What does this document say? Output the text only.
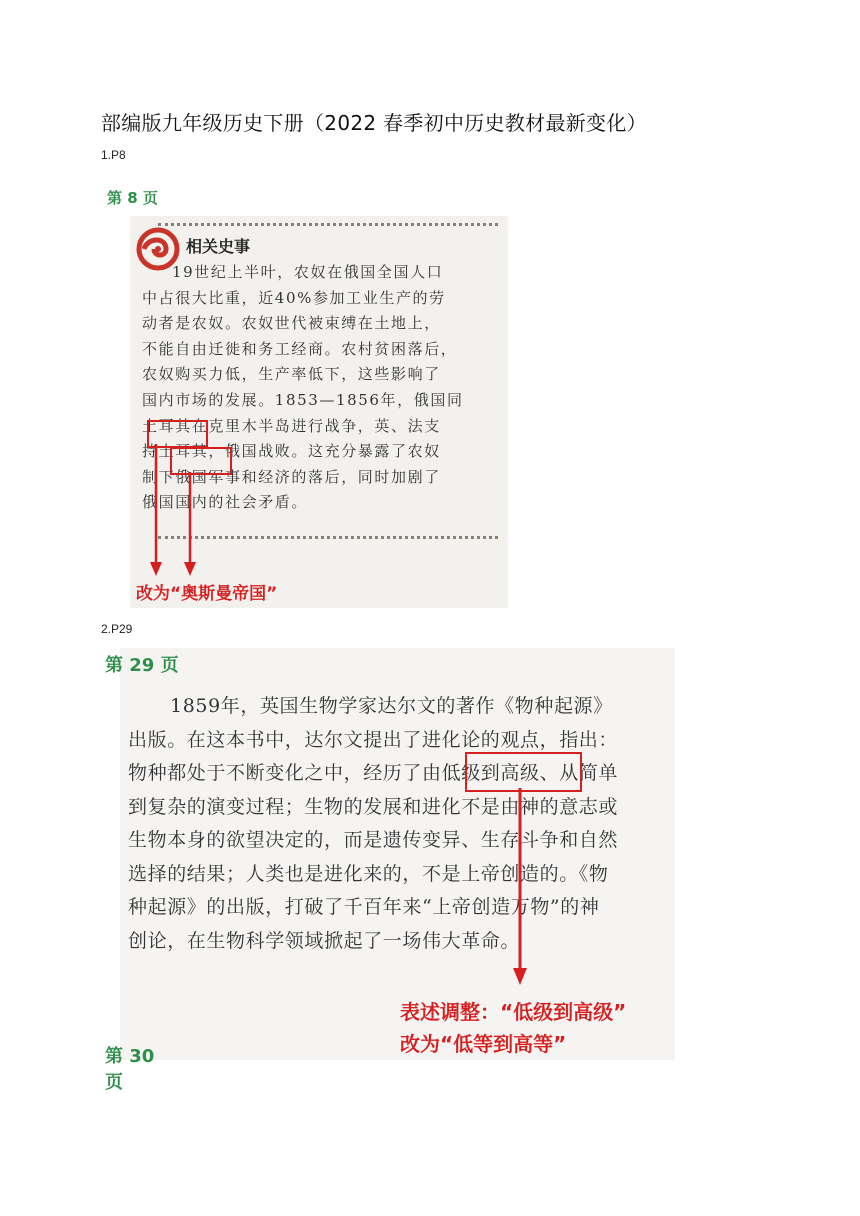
部编版九年级历史下册（2022 春季初中历史教材最新变化）
1.P8
第 8 页
相关史事
19世纪上半叶，农奴在俄国全国人口
中占很大比重，近40%参加工业生产的劳
动者是农奴。农奴世代被束缚在土地上，
不能自由迁徙和务工经商。农村贫困落后，
农奴购买力低，生产率低下，这些影响了
国内市场的发展。1853—1856年，俄国同
土耳其在克里木半岛进行战争，英、法支
持土耳其，俄国战败。这充分暴露了农奴
制下俄国军事和经济的落后，同时加剧了
俄国国内的社会矛盾。
改为“奥斯曼帝国”
2.P29
第 29 页
1859年，英国生物学家达尔文的著作《物种起源》
出版。在这本书中，达尔文提出了进化论的观点，指出：
物种都处于不断变化之中，经历了由低级到高级、从简单
到复杂的演变过程；生物的发展和进化不是由神的意志或
生物本身的欲望决定的，而是遗传变异、生存斗争和自然
选择的结果；人类也是进化来的，不是上帝创造的。《物
种起源》的出版，打破了千百年来“上帝创造万物”的神
创论，在生物科学领域掀起了一场伟大革命。
表述调整：“低级到高级”
改为“低等到高等”
第 30 页
